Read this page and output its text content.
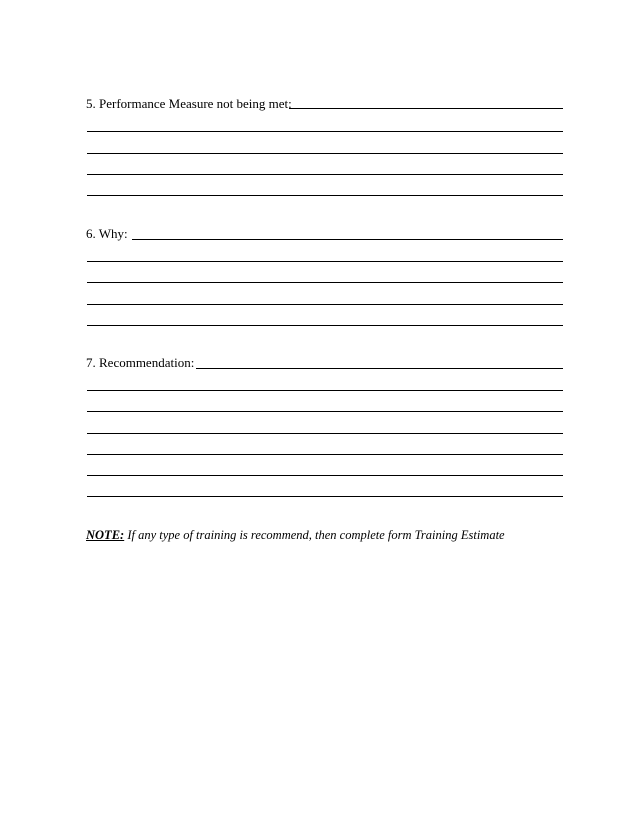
5. Performance Measure not being met:
6. Why:
7. Recommendation:
NOTE: If any type of training is recommend, then complete form Training Estimate
